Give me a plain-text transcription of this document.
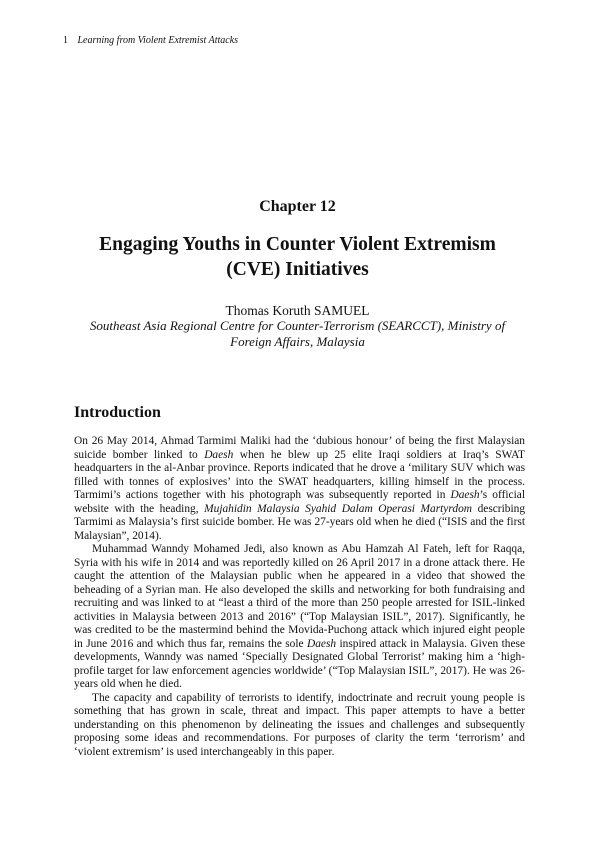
1 Learning from Violent Extremist Attacks
Chapter 12
Engaging Youths in Counter Violent Extremism
(CVE) Initiatives
Thomas Koruth SAMUEL
Southeast Asia Regional Centre for Counter-Terrorism (SEARCCT), Ministry of
Foreign Affairs, Malaysia
Introduction

On 26 May 2014, Ahmad Tarmimi Maliki had the ‘dubious honour’ of being the first Malaysian suicide bomber linked to Daesh when he blew up 25 elite Iraqi soldiers at Iraq’s SWAT headquarters in the al-Anbar province. Reports indicated that he drove a ‘military SUV which was filled with tonnes of explosives’ into the SWAT headquarters, killing himself in the process. Tarmimi’s actions together with his photograph was subsequently reported in Daesh’s official website with the heading, Mujahidin Malaysia Syahid Dalam Operasi Martyrdom describing Tarmimi as Malaysia’s first suicide bomber. He was 27-years old when he died (“ISIS and the first Malaysian”, 2014).

Muhammad Wanndy Mohamed Jedi, also known as Abu Hamzah Al Fateh, left for Raqqa, Syria with his wife in 2014 and was reportedly killed on 26 April 2017 in a drone attack there. He caught the attention of the Malaysian public when he appeared in a video that showed the beheading of a Syrian man. He also developed the skills and networking for both fundraising and recruiting and was linked to at “least a third of the more than 250 people arrested for ISIL-linked activities in Malaysia between 2013 and 2016” (“Top Malaysian ISIL”, 2017). Significantly, he was credited to be the mastermind behind the Movida-Puchong attack which injured eight people in June 2016 and which thus far, remains the sole Daesh inspired attack in Malaysia. Given these developments, Wanndy was named ‘Specially Designated Global Terrorist’ making him a ‘high-profile target for law enforcement agencies worldwide’ (“Top Malaysian ISIL”, 2017). He was 26-years old when he died.

The capacity and capability of terrorists to identify, indoctrinate and recruit young people is something that has grown in scale, threat and impact. This paper attempts to have a better understanding on this phenomenon by delineating the issues and challenges and subsequently proposing some ideas and recommendations. For purposes of clarity the term ‘terrorism’ and ‘violent extremism’ is used interchangeably in this paper.
